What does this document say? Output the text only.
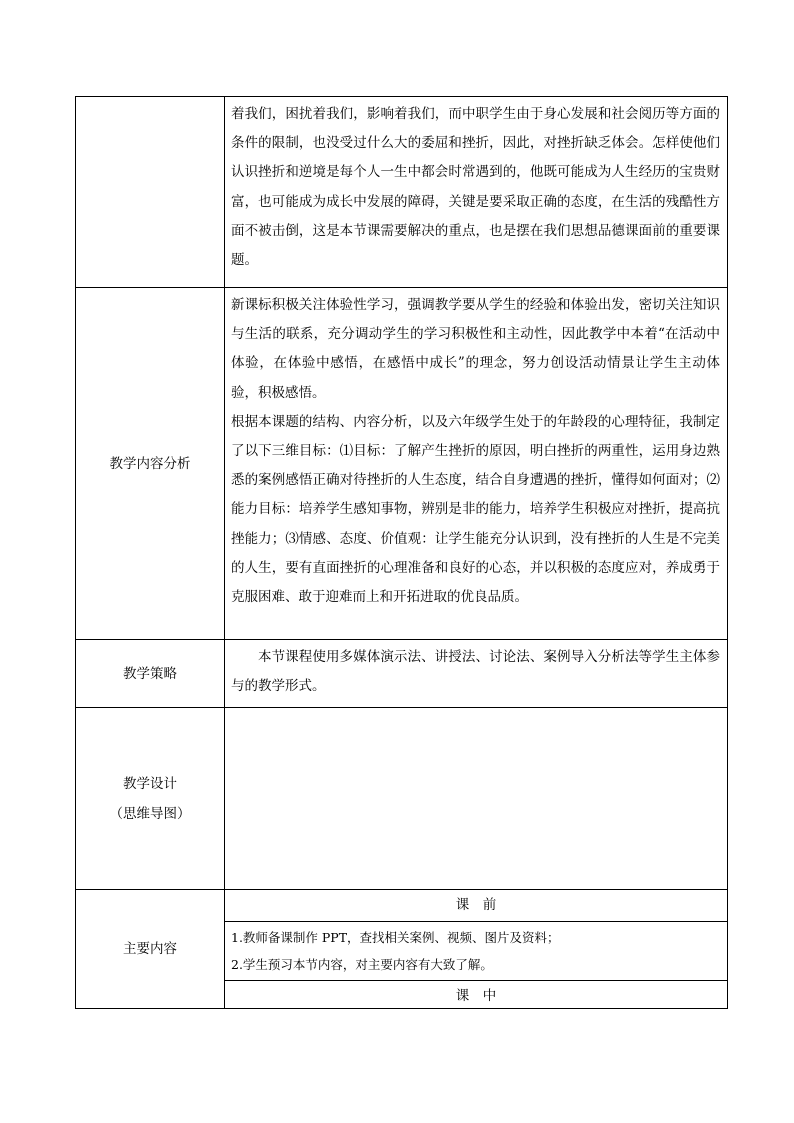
着我们，困扰着我们，影响着我们，而中职学生由于身心发展和社会阅历等方面的条件的限制，也没受过什么大的委屈和挫折，因此，对挫折缺乏体会。怎样使他们认识挫折和逆境是每个人一生中都会时常遇到的，他既可能成为人生经历的宝贵财富，也可能成为成长中发展的障碍，关键是要采取正确的态度，在生活的残酷性方面不被击倒，这是本节课需要解决的重点，也是摆在我们思想品德课面前的重要课题。

教学内容分析

新课标积极关注体验性学习，强调教学要从学生的经验和体验出发，密切关注知识与生活的联系，充分调动学生的学习积极性和主动性，因此教学中本着“在活动中体验，在体验中感悟，在感悟中成长”的理念，努力创设活动情景让学生主动体验，积极感悟。

根据本课题的结构、内容分析，以及六年级学生处于的年龄段的心理特征，我制定了以下三维目标：⑴目标：了解产生挫折的原因，明白挫折的两重性，运用身边熟悉的案例感悟正确对待挫折的人生态度，结合自身遭遇的挫折，懂得如何面对；⑵能力目标：培养学生感知事物，辨别是非的能力，培养学生积极应对挫折，提高抗挫能力；⑶情感、态度、价值观：让学生能充分认识到，没有挫折的人生是不完美的人生，要有直面挫折的心理准备和良好的心态，并以积极的态度应对，养成勇于克服困难、敢于迎难而上和开拓进取的优良品质。

教学策略

本节课程使用多媒体演示法、讲授法、讨论法、案例导入分析法等学生主体参与的教学形式。

教学设计
（思维导图）
主要内容
课　前
1.教师备课制作 PPT，查找相关案例、视频、图片及资料；
2.学生预习本节内容，对主要内容有大致了解。
课　中
